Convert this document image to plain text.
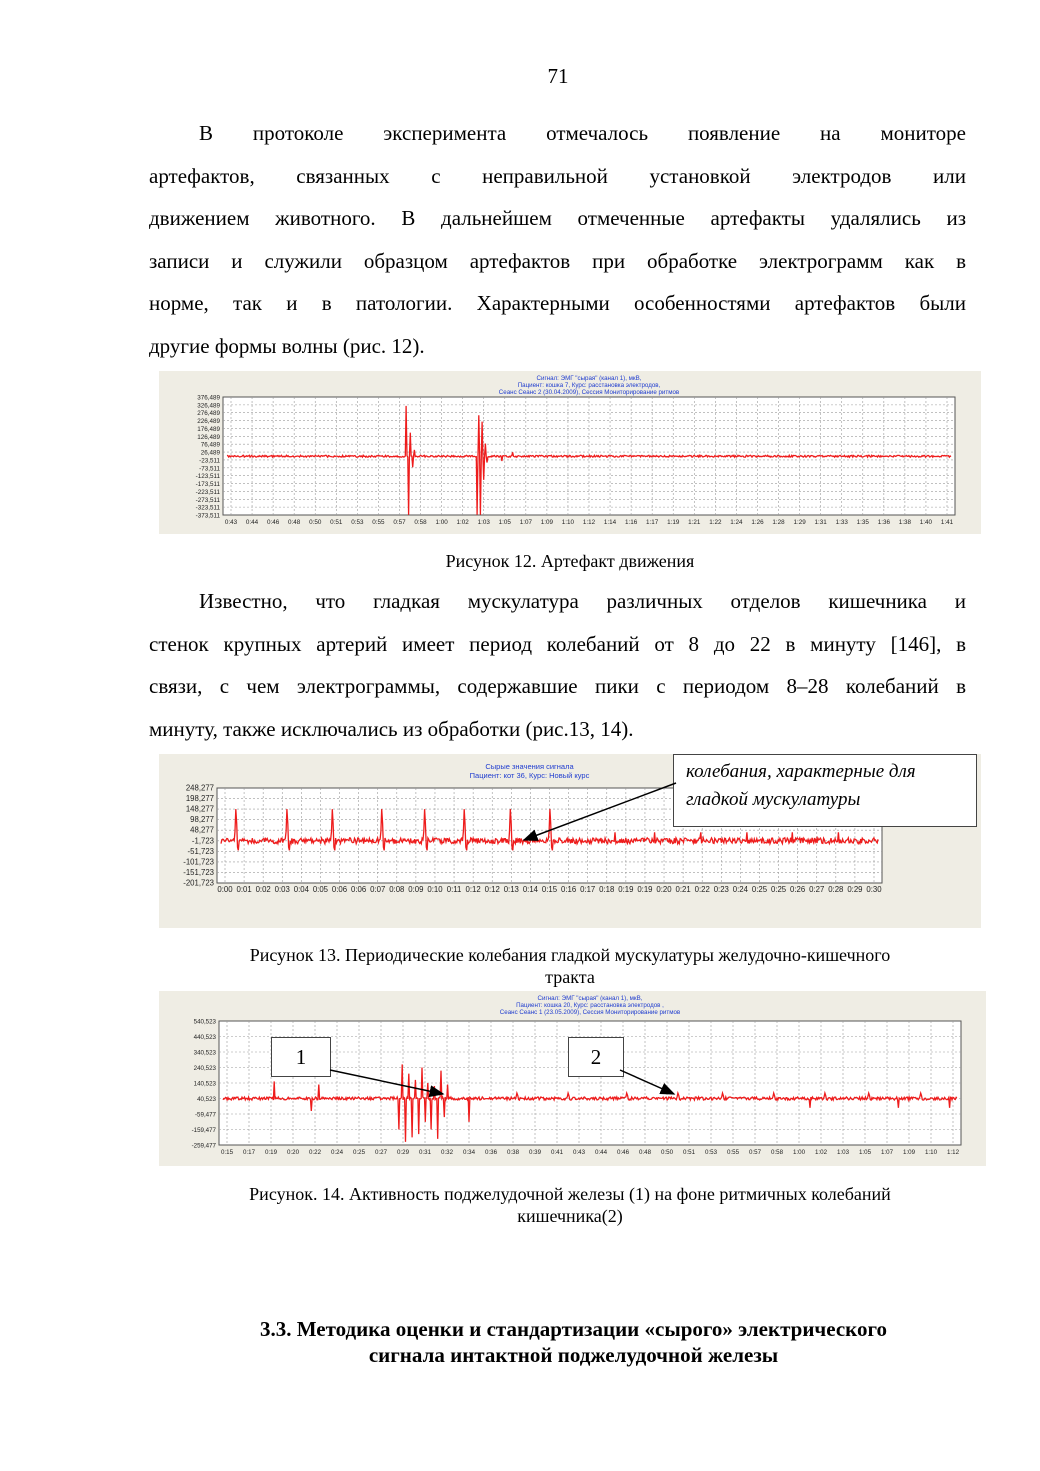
71
В протоколе эксперимента отмечалось появление на мониторе
артефактов, связанных с неправильной установкой электродов или
движением животного. В дальнейшем отмеченные артефакты удалялись из
записи и служили образцом артефактов при обработке электрограмм как в
норме, так и в патологии. Характерными особенностями артефактов были
другие формы волны (рис. 12).
Сигнал: ЭМГ "сырая" (канал 1), мкВ,
Пациент: кошка 7, Курс: расстановка электродов,
Сеанс Сеанс 2 (30.04.2009), Сессия Мониторирование ритмов
376,489
326,489
276,489
226,489
176,489
126,489
76,489
26,489
-23,511
-73,511
-123,511
-173,511
-223,511
-273,511
-323,511
-373,511
0:43 0:44 0:46 0:48 0:50 0:51 0:53 0:55 0:57 0:58 1:00 1:02 1:03 1:05 1:07 1:09 1:10 1:12 1:14 1:16 1:17 1:19 1:21 1:22 1:24 1:26 1:28 1:29 1:31 1:33 1:35 1:36 1:38 1:40 1:41
Рисунок 12. Артефакт движения
Известно, что гладкая мускулатура различных отделов кишечника и
стенок крупных артерий имеет период колебаний от 8 до 22 в минуту [146], в
связи, с чем электрограммы, содержавшие пики с периодом 8–28 колебаний в
минуту, также исключались из обработки (рис.13, 14).
Сырые значения сигнала
Пациент: кот 36, Курс: Новый курс
248,277
198,277
148,277
98,277
48,277
-1,723
-51,723
-101,723
-151,723
-201,723
0:00 0:01 0:02 0:03 0:04 0:05 0:06 0:06 0:07 0:08 0:09 0:10 0:11 0:12 0:12 0:13 0:14 0:15 0:16 0:17 0:18 0:19 0:19 0:20 0:21 0:22 0:23 0:24 0:25 0:25 0:26 0:27 0:28 0:29 0:30
колебания, характерные для
гладкой мускулатуры
Рисунок 13. Периодические колебания гладкой мускулатуры желудочно-кишечного
тракта
Сигнал: ЭМГ "сырая" (канал 1), мкВ,
Пациент: кошка 20, Курс: расстановка электродов ,
Сеанс Сеанс 1 (23.05.2009), Сессия Мониторирование ритмов
540,523
440,523
340,523
240,523
140,523
40,523
-59,477
-159,477
-259,477
0:15 0:17 0:19 0:20 0:22 0:24 0:25 0:27 0:29 0:31 0:32 0:34 0:36 0:38 0:39 0:41 0:43 0:44 0:46 0:48 0:50 0:51 0:53 0:55 0:57 0:58 1:00 1:02 1:03 1:05 1:07 1:09 1:10 1:12
1	2
Рисунок. 14. Активность поджелудочной железы (1) на фоне ритмичных колебаний
кишечника(2)
3.3. Методика оценки и стандартизации «сырого» электрического
сигнала интактной поджелудочной железы
